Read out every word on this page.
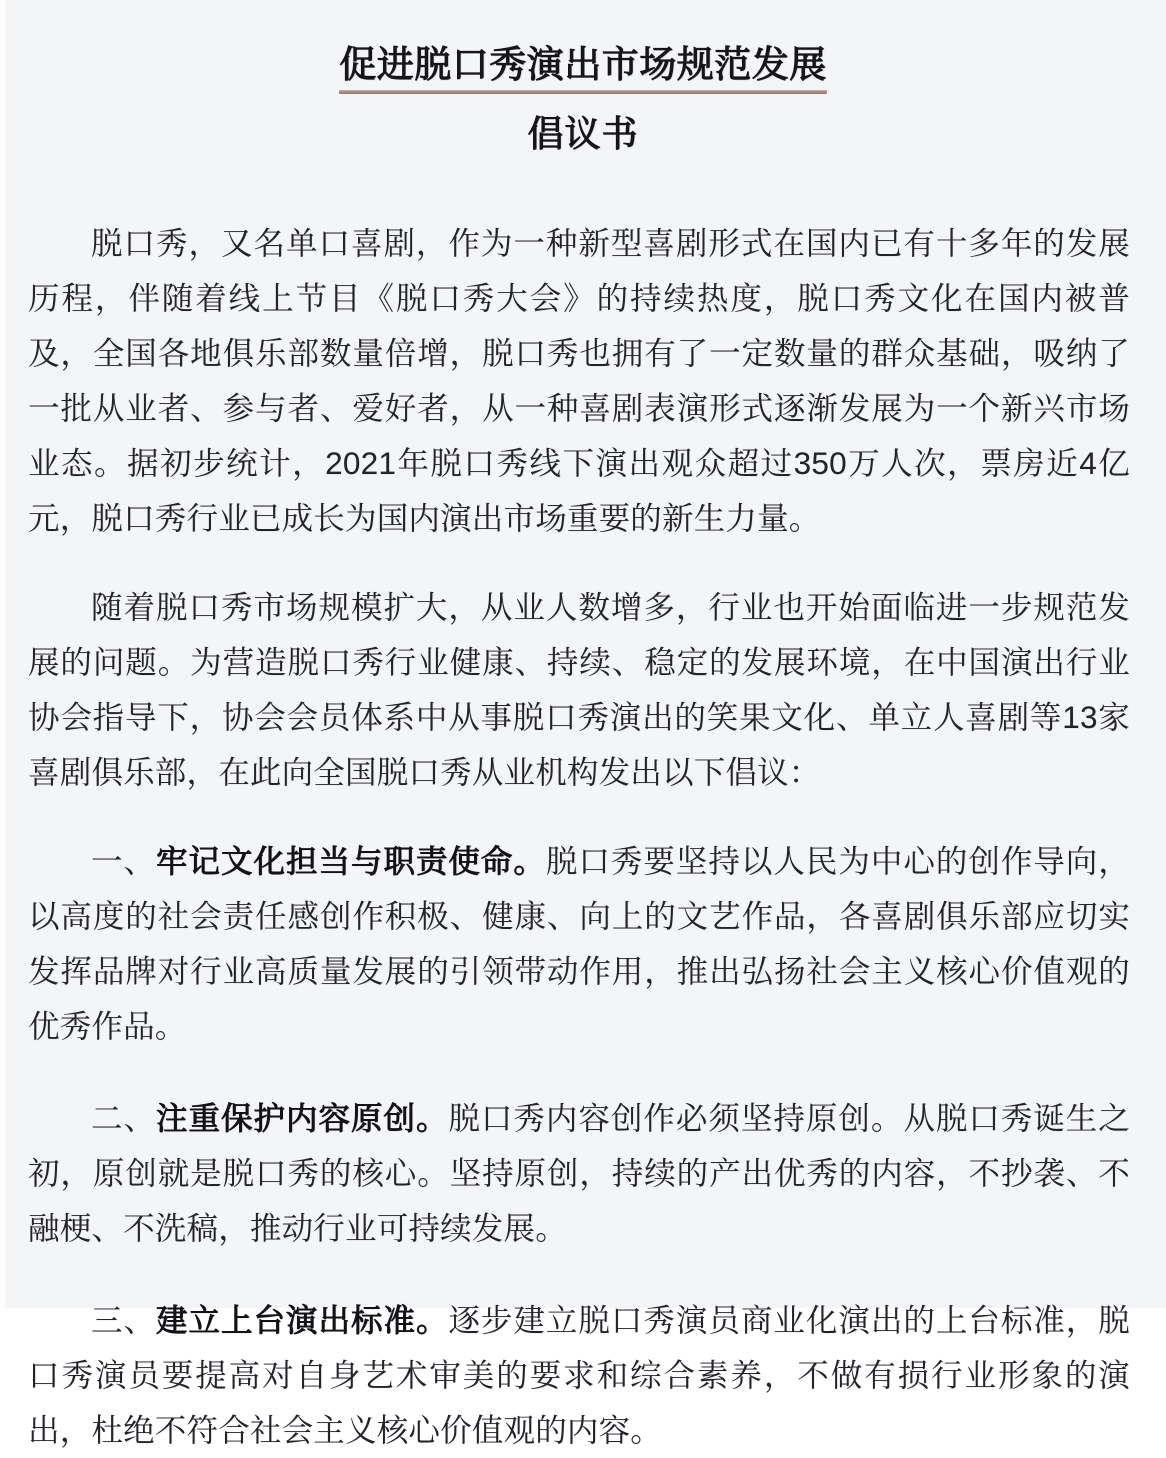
促进脱口秀演出市场规范发展
倡议书

脱口秀，又名单口喜剧，作为一种新型喜剧形式在国内已有十多年的发展历程，伴随着线上节目《脱口秀大会》的持续热度，脱口秀文化在国内被普及，全国各地俱乐部数量倍增，脱口秀也拥有了一定数量的群众基础，吸纳了一批从业者、参与者、爱好者，从一种喜剧表演形式逐渐发展为一个新兴市场业态。据初步统计，2021年脱口秀线下演出观众超过350万人次，票房近4亿元，脱口秀行业已成长为国内演出市场重要的新生力量。

随着脱口秀市场规模扩大，从业人数增多，行业也开始面临进一步规范发展的问题。为营造脱口秀行业健康、持续、稳定的发展环境，在中国演出行业协会指导下，协会会员体系中从事脱口秀演出的笑果文化、单立人喜剧等13家喜剧俱乐部，在此向全国脱口秀从业机构发出以下倡议：

一、牢记文化担当与职责使命。脱口秀要坚持以人民为中心的创作导向，以高度的社会责任感创作积极、健康、向上的文艺作品，各喜剧俱乐部应切实发挥品牌对行业高质量发展的引领带动作用，推出弘扬社会主义核心价值观的优秀作品。

二、注重保护内容原创。脱口秀内容创作必须坚持原创。从脱口秀诞生之初，原创就是脱口秀的核心。坚持原创，持续的产出优秀的内容，不抄袭、不融梗、不洗稿，推动行业可持续发展。

三、建立上台演出标准。逐步建立脱口秀演员商业化演出的上台标准，脱口秀演员要提高对自身艺术审美的要求和综合素养，不做有损行业形象的演出，杜绝不符合社会主义核心价值观的内容。
